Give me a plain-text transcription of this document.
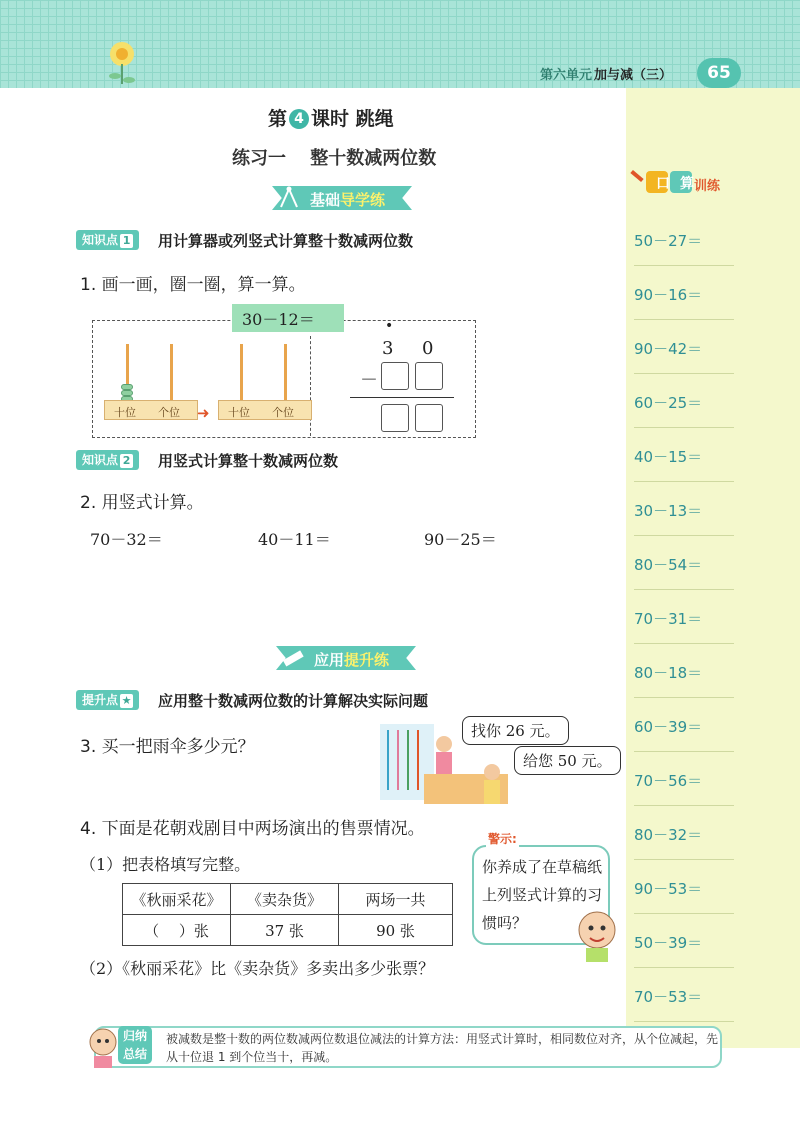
第六单元 加与减（三）	65
口 算 训练
50－27＝
90－16＝
90－42＝
60－25＝
40－15＝
30－13＝
80－54＝
70－31＝
80－18＝
60－39＝
70－56＝
80－32＝
90－53＝
50－39＝
70－53＝
第 4 课时 跳绳
练习一　 整十数减两位数
基础导学练
知识点 1	用计算器或列竖式计算整十数减两位数
1. 画一画，圈一圈，算一算。
30－12＝
十位 个位 ➜ 十位 个位
•
3 0
－
知识点 2	用竖式计算整十数减两位数
2. 用竖式计算。
70－32＝	40－11＝	90－25＝
应用提升练
提升点 ★	应用整十数减两位数的计算解决实际问题
3. 买一把雨伞多少元？
找你 26 元。
给您 50 元。
4. 下面是花朝戏剧目中两场演出的售票情况。
（1）把表格填写完整。
《秋丽采花》	《卖杂货》	两场一共
（　 ）张	37 张	90 张
（2）《秋丽采花》比《卖杂货》多卖出多少张票？
警示:
你养成了在草稿纸上列竖式计算的习惯吗？
归纳
总结
被减数是整十数的两位数减两位数退位减法的计算方法：用竖式计算时，相同数位对齐，从个位减起，先从十位退 1 到个位当十，再减。
